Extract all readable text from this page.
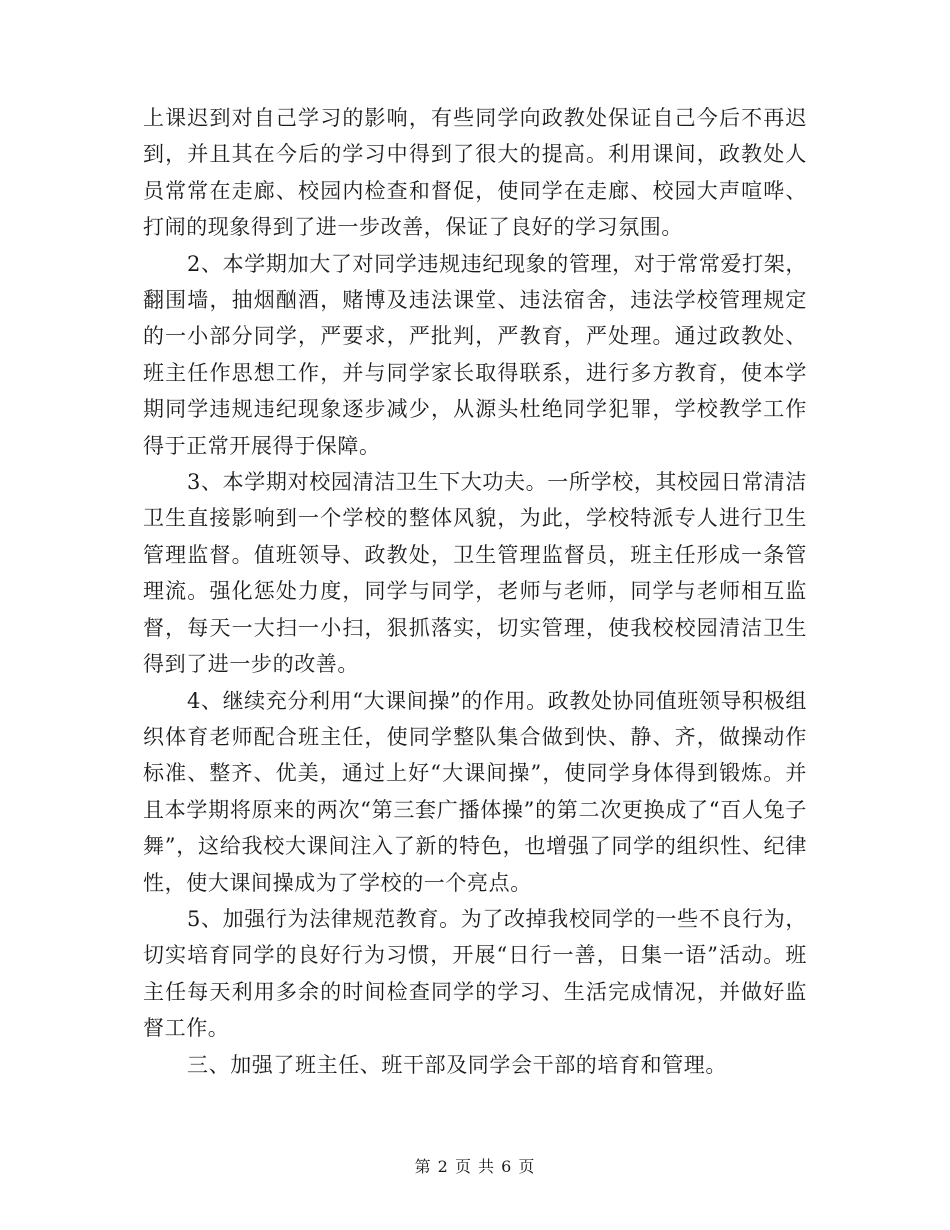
上课迟到对自己学习的影响，有些同学向政教处保证自己今后不再迟到，并且其在今后的学习中得到了很大的提高。利用课间，政教处人员常常在走廊、校园内检查和督促，使同学在走廊、校园大声喧哗、打闹的现象得到了进一步改善，保证了良好的学习氛围。

2、本学期加大了对同学违规违纪现象的管理，对于常常爱打架，翻围墙，抽烟酗酒，赌博及违法课堂、违法宿舍，违法学校管理规定的一小部分同学，严要求，严批判，严教育，严处理。通过政教处、班主任作思想工作，并与同学家长取得联系，进行多方教育，使本学期同学违规违纪现象逐步减少，从源头杜绝同学犯罪，学校教学工作得于正常开展得于保障。

3、本学期对校园清洁卫生下大功夫。一所学校，其校园日常清洁卫生直接影响到一个学校的整体风貌，为此，学校特派专人进行卫生管理监督。值班领导、政教处，卫生管理监督员，班主任形成一条管理流。强化惩处力度，同学与同学，老师与老师，同学与老师相互监督，每天一大扫一小扫，狠抓落实，切实管理，使我校校园清洁卫生得到了进一步的改善。

4、继续充分利用“大课间操”的作用。政教处协同值班领导积极组织体育老师配合班主任，使同学整队集合做到快、静、齐，做操动作标准、整齐、优美，通过上好“大课间操”，使同学身体得到锻炼。并且本学期将原来的两次“第三套广播体操”的第二次更换成了“百人兔子舞”，这给我校大课间注入了新的特色，也增强了同学的组织性、纪律性，使大课间操成为了学校的一个亮点。

5、加强行为法律规范教育。为了改掉我校同学的一些不良行为，切实培育同学的良好行为习惯，开展“日行一善，日集一语”活动。班主任每天利用多余的时间检查同学的学习、生活完成情况，并做好监督工作。

三、加强了班主任、班干部及同学会干部的培育和管理。

第 2 页 共 6 页
